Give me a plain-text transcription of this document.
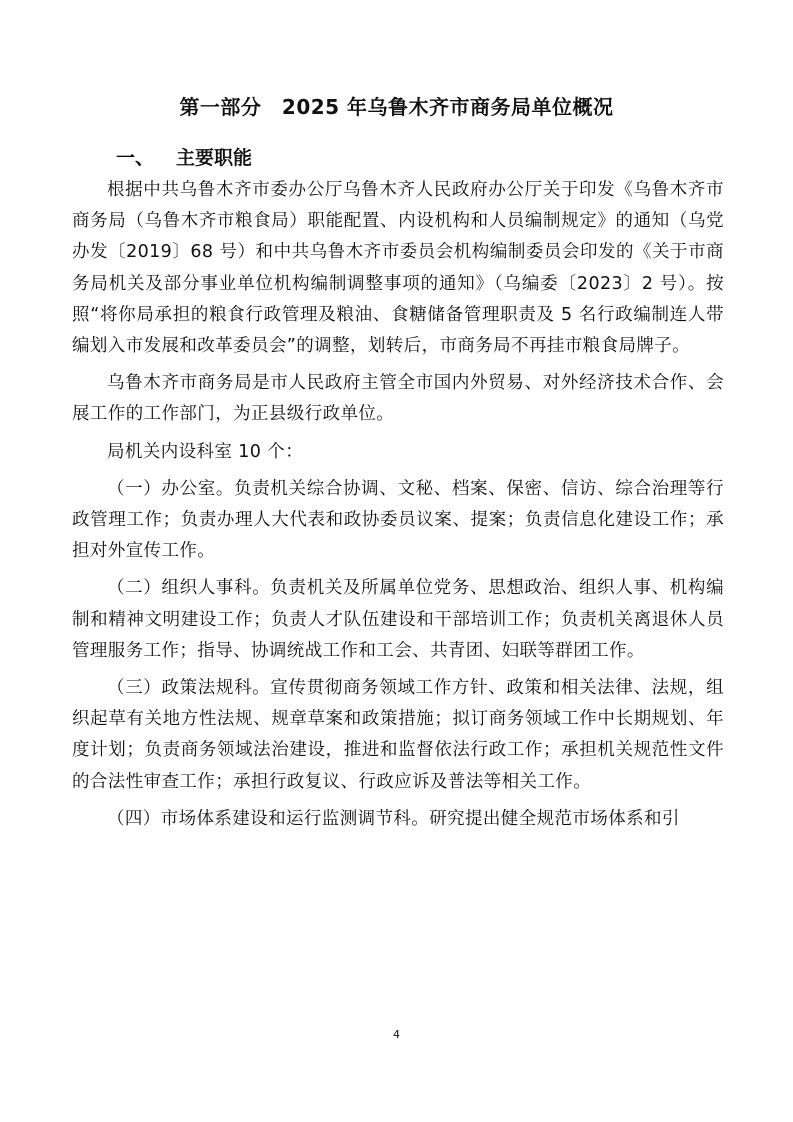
第一部分　2025 年乌鲁木齐市商务局单位概况
一、 主要职能

根据中共乌鲁木齐市委办公厅乌鲁木齐人民政府办公厅关于印发《乌鲁木齐市商务局（乌鲁木齐市粮食局）职能配置、内设机构和人员编制规定》的通知（乌党办发〔2019〕68 号）和中共乌鲁木齐市委员会机构编制委员会印发的《关于市商务局机关及部分事业单位机构编制调整事项的通知》（乌编委〔2023〕2 号）。按照“将你局承担的粮食行政管理及粮油、食糖储备管理职责及 5 名行政编制连人带编划入市发展和改革委员会”的调整，划转后，市商务局不再挂市粮食局牌子。

乌鲁木齐市商务局是市人民政府主管全市国内外贸易、对外经济技术合作、会展工作的工作部门，为正县级行政单位。

局机关内设科室 10 个：

（一）办公室。负责机关综合协调、文秘、档案、保密、信访、综合治理等行政管理工作；负责办理人大代表和政协委员议案、提案；负责信息化建设工作；承担对外宣传工作。

（二）组织人事科。负责机关及所属单位党务、思想政治、组织人事、机构编制和精神文明建设工作；负责人才队伍建设和干部培训工作；负责机关离退休人员管理服务工作；指导、协调统战工作和工会、共青团、妇联等群团工作。

（三）政策法规科。宣传贯彻商务领域工作方针、政策和相关法律、法规，组织起草有关地方性法规、规章草案和政策措施；拟订商务领域工作中长期规划、年度计划；负责商务领域法治建设，推进和监督依法行政工作；承担机关规范性文件的合法性审查工作；承担行政复议、行政应诉及普法等相关工作。

（四）市场体系建设和运行监测调节科。研究提出健全规范市场体系和引

4
